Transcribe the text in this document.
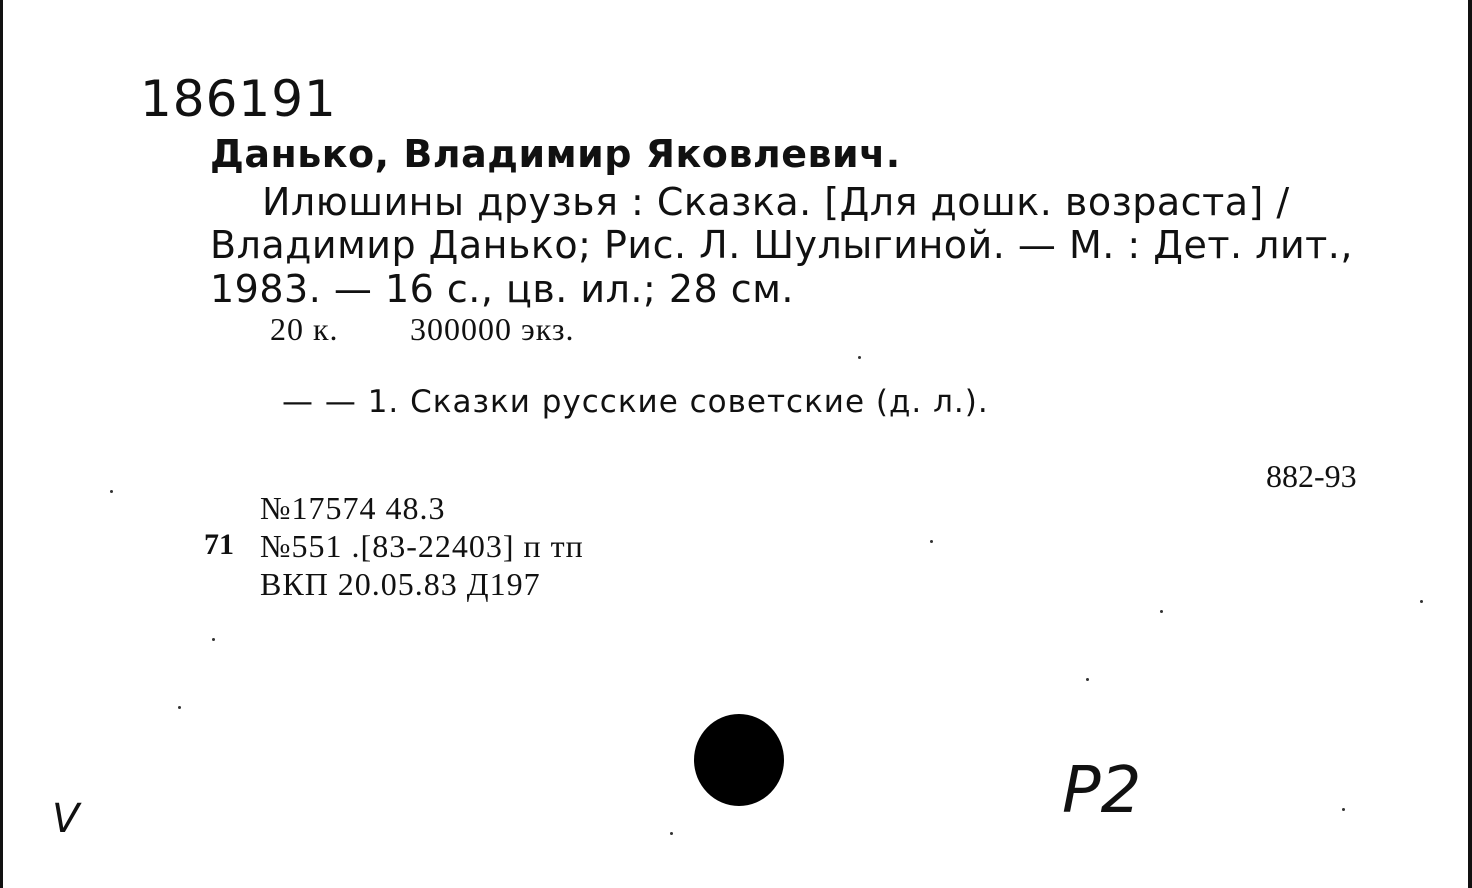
186191
Данько, Владимир Яковлевич.
Илюшины друзья : Сказка. [Для дошк. возраста] /
Владимир Данько; Рис. Л. Шулыгиной. — М. : Дет. лит.,
1983. — 16 с., цв. ил.; 28 см.
20 к. 300000 экз.
— — 1. Сказки русские советские (д. л.).
882-93
№17574 48.3
71 №551 .[83-22403] п тп
ВКП 20.05.83 Д197
V	P2
